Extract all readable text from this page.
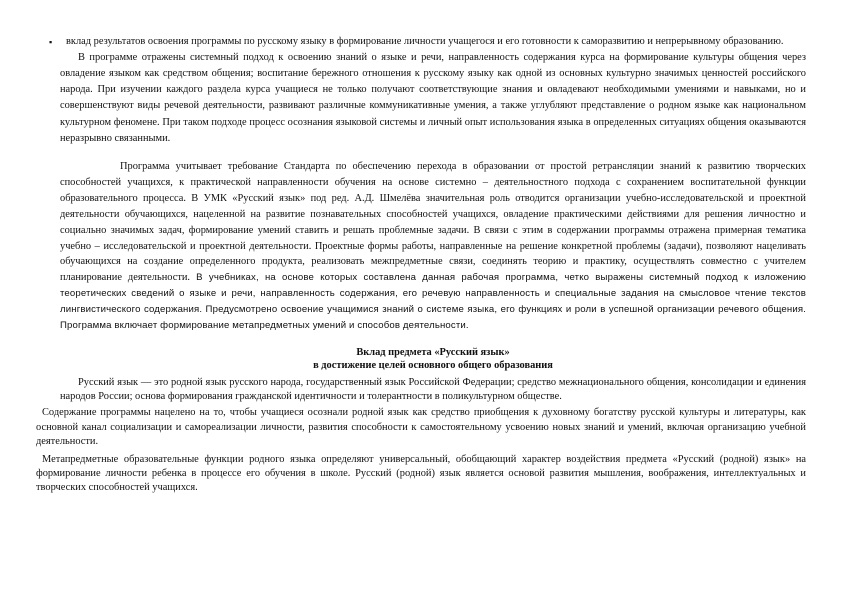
▪ вклад результатов освоения программы по русскому языку в формирование личности учащегося и его готовности к саморазвитию и непрерывному образованию.

В программе отражены системный подход к освоению знаний о языке и речи, направленность содержания курса на формирование культуры общения через овладение языком как средством общения; воспитание бережного отношения к русскому языку как одной из основных культурно значимых ценностей российского народа. При изучении каждого раздела курса учащиеся не только получают соответствующие знания и овладевают необходимыми умениями и навыками, но и совершенствуют виды речевой деятельности, развивают различные коммуникативные умения, а также углубляют представление о родном языке как национальном культурном феномене. При таком подходе процесс осознания языковой системы и личный опыт использования языка в определенных ситуациях общения оказываются неразрывно связанными.

Программа учитывает требование Стандарта по обеспечению перехода в образовании от простой ретрансляции знаний к развитию творческих способностей учащихся, к практической направленности обучения на основе системно – деятельностного подхода с сохранением воспитательной функции образовательного процесса. В УМК «Русский язык» под ред. А.Д. Шмелёва значительная роль отводится организации учебно-исследовательской и проектной деятельности обучающихся, нацеленной на развитие познавательных способностей учащихся, овладение практическими действиями для решения личностно и социально значимых задач, формирование умений ставить и решать проблемные задачи. В связи с этим в содержании программы отражена примерная тематика учебно – исследовательской и проектной деятельности. Проектные формы работы, направленные на решение конкретной проблемы (задачи), позволяют нацеливать обучающихся на создание определенного продукта, реализовать межпредметные связи, соединять теорию и практику, осуществлять совместно с учителем планирование деятельности. В учебниках, на основе которых составлена данная рабочая программа, четко выражены системный подход к изложению теоретических сведений о языке и речи, направленность содержания, его речевую направленность и специальные задания на смысловое чтение текстов лингвистического содержания. Предусмотрено освоение учащимися знаний о системе языка, его функциях и роли в успешной организации речевого общения. Программа включает формирование метапредметных умений и способов деятельности.

Вклад предмета «Русский язык»
в достижение целей основного общего образования

Русский язык — это родной язык русского народа, государственный язык Российской Федерации; средство межнационального общения, консолидации и единения народов России; основа формирования гражданской идентичности и толерантности в поликультурном обществе.

Содержание программы нацелено на то, чтобы учащиеся осознали родной язык как средство приобщения к духовному богатству русской культуры и литературы, как основной канал социализации и самореализации личности, развития способности к самостоятельному усвоению новых знаний и умений, включая организацию учебной деятельности.

Метапредметные образовательные функции родного языка определяют универсальный, обобщающий характер воздействия предмета «Русский (родной) язык» на формирование личности ребенка в процессе его обучения в школе. Русский (родной) язык является основой развития мышления, воображения, интеллектуальных и творческих способностей учащихся.
